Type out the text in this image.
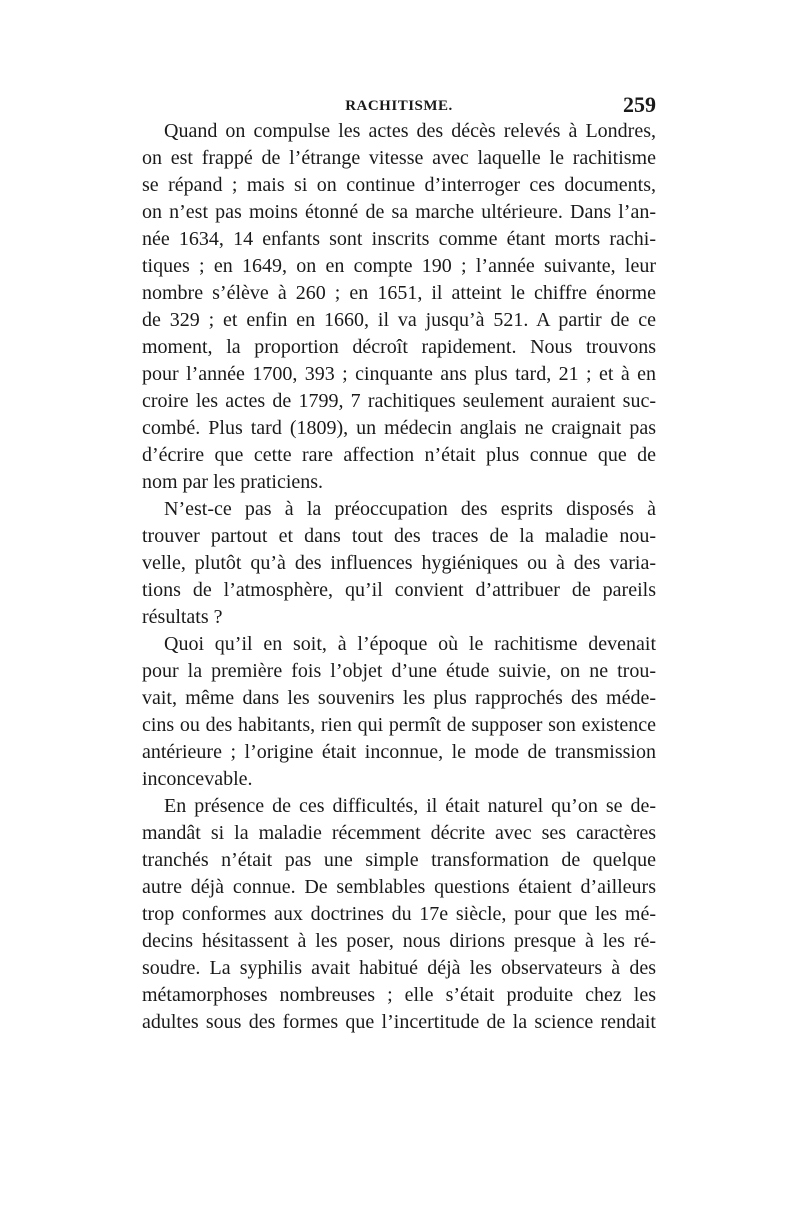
RACHITISME.	259
Quand on compulse les actes des décès relevés à Londres,
on est frappé de l’étrange vitesse avec laquelle le rachitisme
se répand ; mais si on continue d’interroger ces documents,
on n’est pas moins étonné de sa marche ultérieure. Dans l’an-
née 1634, 14 enfants sont inscrits comme étant morts rachi-
tiques ; en 1649, on en compte 190 ; l’année suivante, leur
nombre s’élève à 260 ; en 1651, il atteint le chiffre énorme
de 329 ; et enfin en 1660, il va jusqu’à 521. A partir de ce
moment, la proportion décroît rapidement. Nous trouvons
pour l’année 1700, 393 ; cinquante ans plus tard, 21 ; et à en
croire les actes de 1799, 7 rachitiques seulement auraient suc-
combé. Plus tard (1809), un médecin anglais ne craignait pas
d’écrire que cette rare affection n’était plus connue que de
nom par les praticiens.
N’est-ce pas à la préoccupation des esprits disposés à
trouver partout et dans tout des traces de la maladie nou-
velle, plutôt qu’à des influences hygiéniques ou à des varia-
tions de l’atmosphère, qu’il convient d’attribuer de pareils
résultats ?
Quoi qu’il en soit, à l’époque où le rachitisme devenait
pour la première fois l’objet d’une étude suivie, on ne trou-
vait, même dans les souvenirs les plus rapprochés des méde-
cins ou des habitants, rien qui permît de supposer son existence
antérieure ; l’origine était inconnue, le mode de transmission
inconcevable.
En présence de ces difficultés, il était naturel qu’on se de-
mandât si la maladie récemment décrite avec ses caractères
tranchés n’était pas une simple transformation de quelque
autre déjà connue. De semblables questions étaient d’ailleurs
trop conformes aux doctrines du 17e siècle, pour que les mé-
decins hésitassent à les poser, nous dirions presque à les ré-
soudre. La syphilis avait habitué déjà les observateurs à des
métamorphoses nombreuses ; elle s’était produite chez les
adultes sous des formes que l’incertitude de la science rendait
